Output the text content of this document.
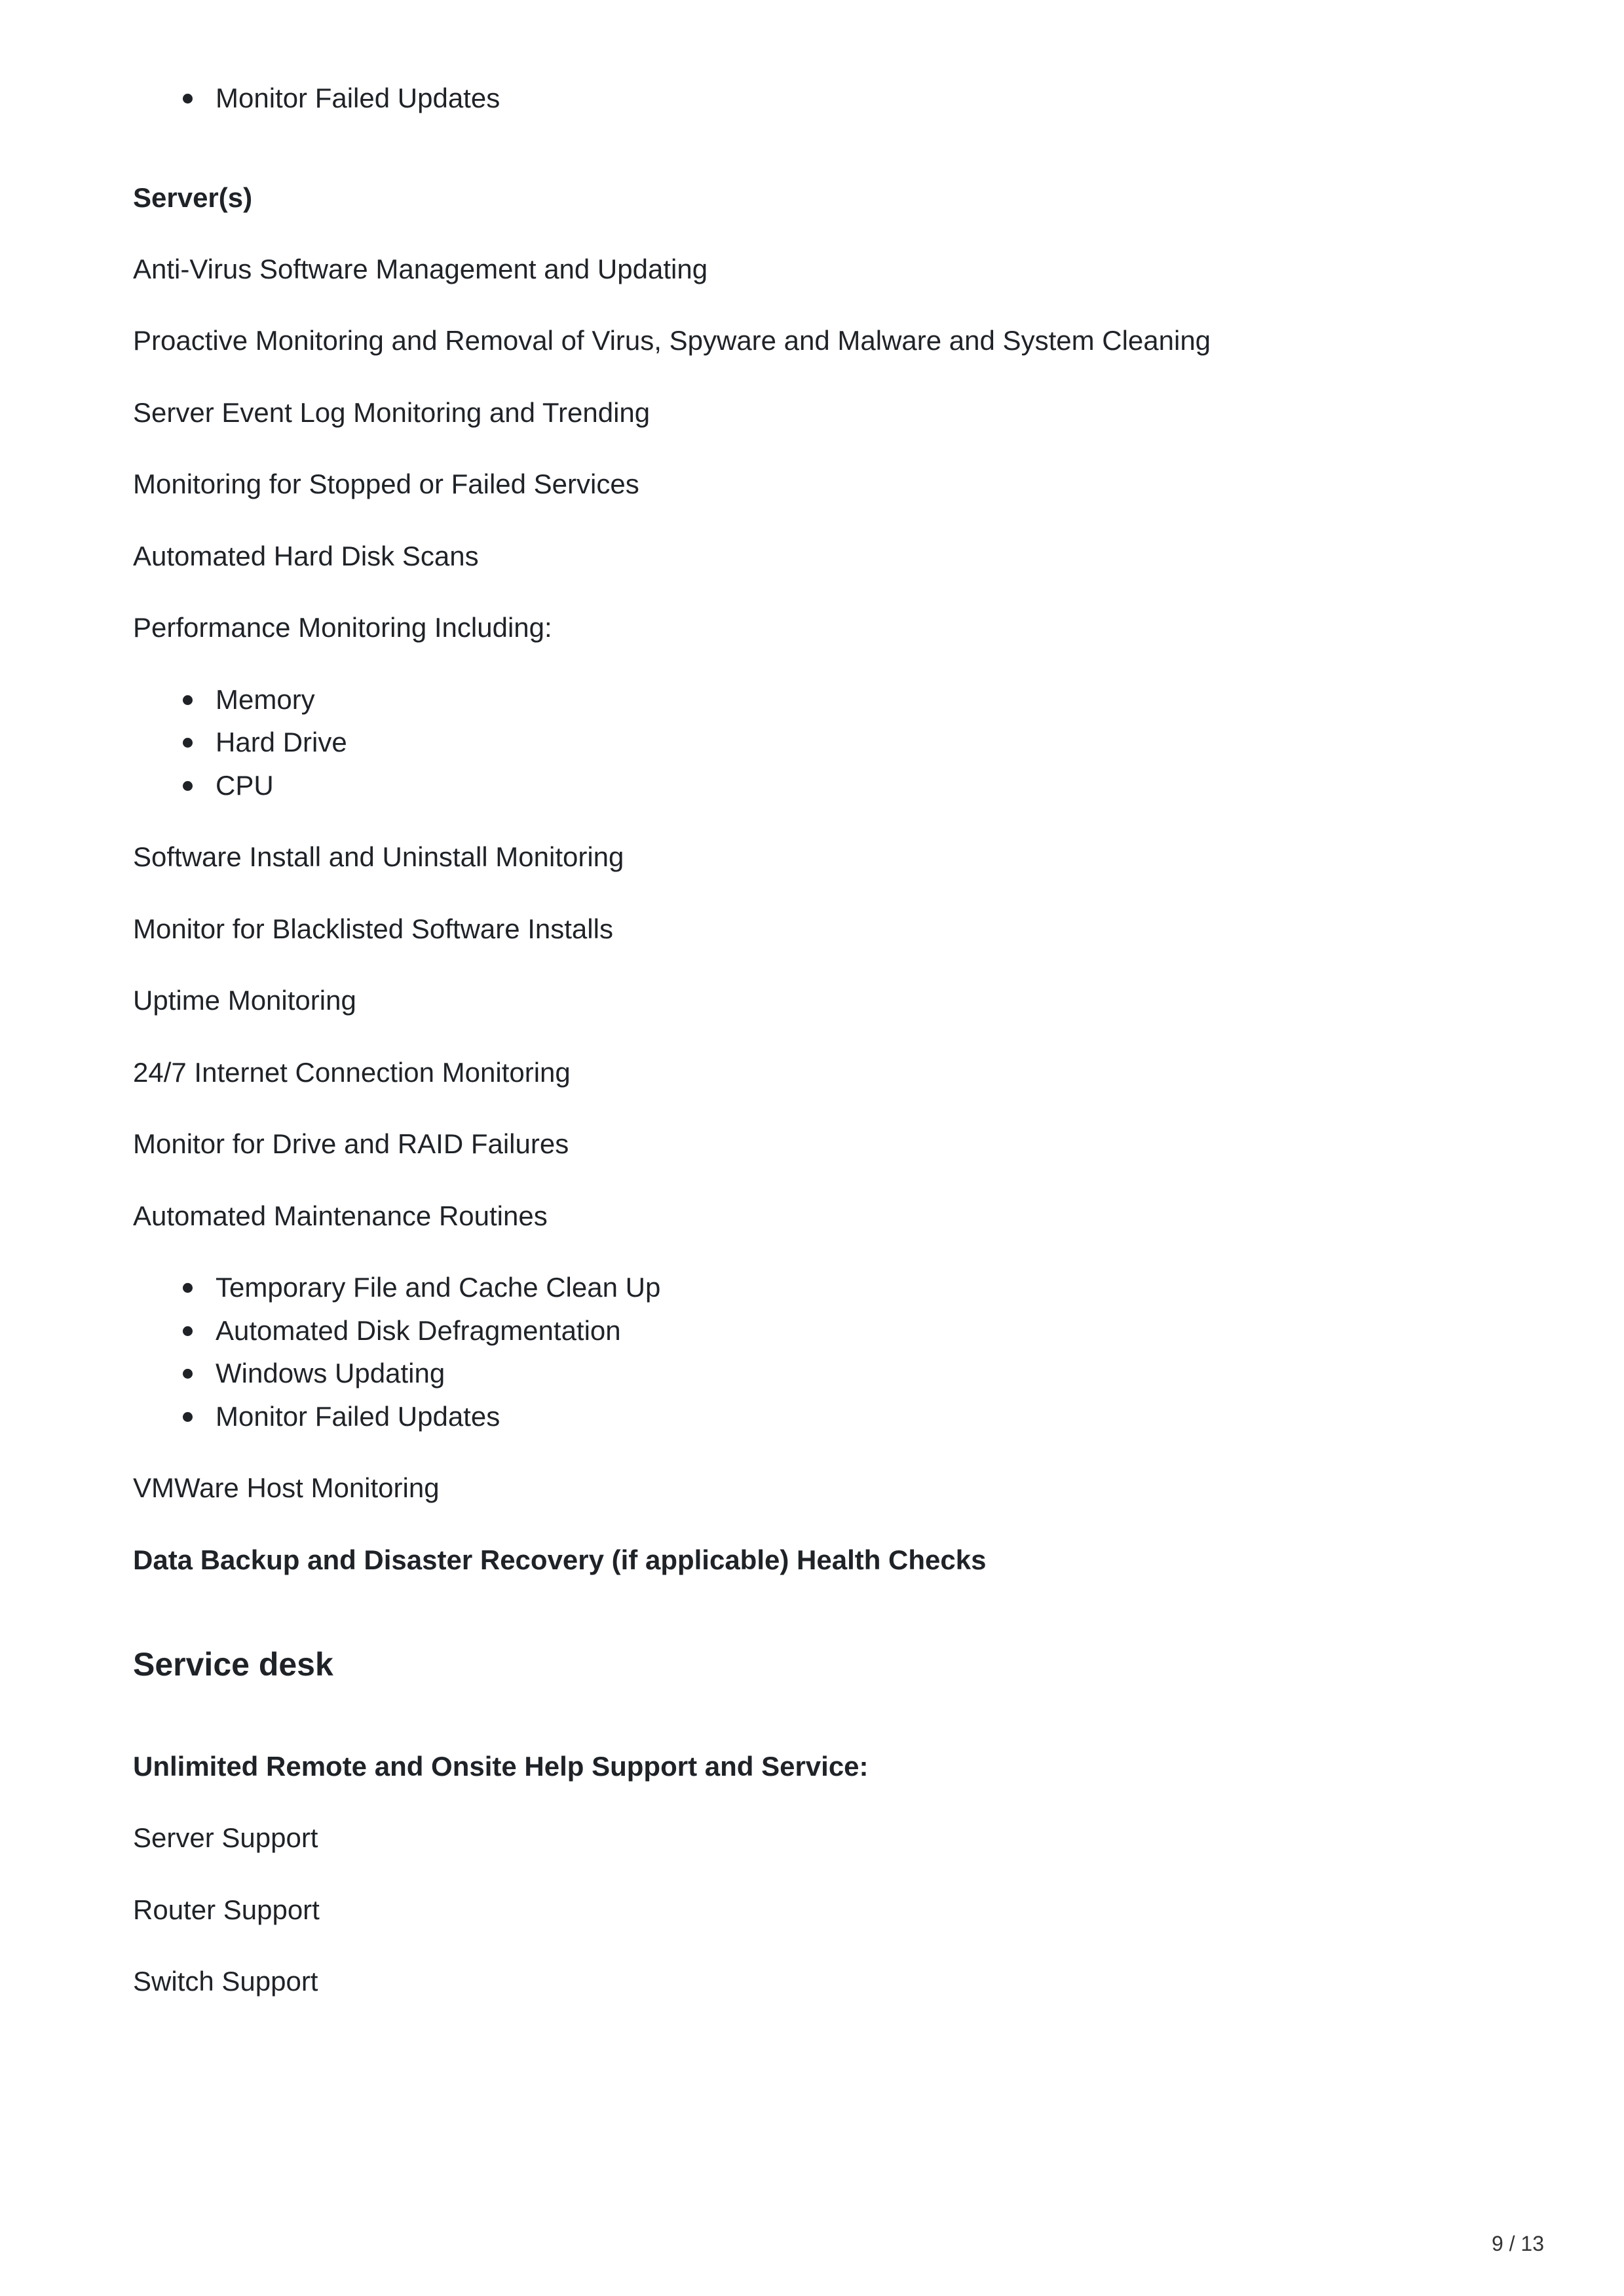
Monitor Failed Updates
Server(s)
Anti-Virus Software Management and Updating
Proactive Monitoring and Removal of Virus, Spyware and Malware and System Cleaning
Server Event Log Monitoring and Trending
Monitoring for Stopped or Failed Services
Automated Hard Disk Scans
Performance Monitoring Including:
Memory
Hard Drive
CPU
Software Install and Uninstall Monitoring
Monitor for Blacklisted Software Installs
Uptime Monitoring
24/7 Internet Connection Monitoring
Monitor for Drive and RAID Failures
Automated Maintenance Routines
Temporary File and Cache Clean Up
Automated Disk Defragmentation
Windows Updating
Monitor Failed Updates
VMWare Host Monitoring
Data Backup and Disaster Recovery (if applicable) Health Checks
Service desk
Unlimited Remote and Onsite Help Support and Service:
Server Support
Router Support
Switch Support
9 / 13
